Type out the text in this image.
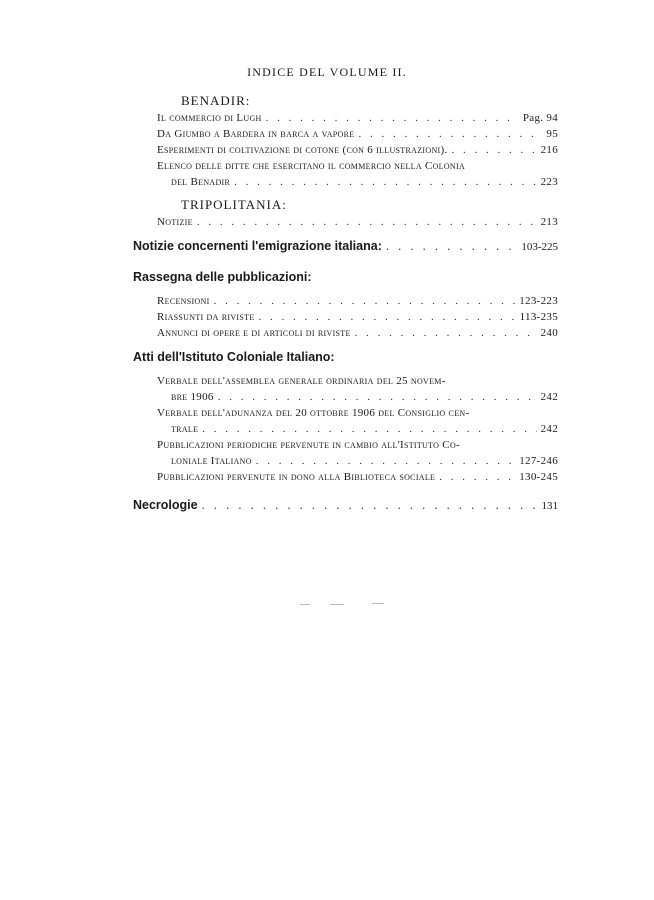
INDICE DEL VOLUME II.
BENADIR:
Il commercio di Lugh . . .	Pag. 94
Da Giumbo a Bardera in barca a vapore . . .	95
Esperimenti di coltivazione di cotone (con 6 illustrazioni). . . .	216
Elenco delle ditte che esercitano il commercio nella Colonia
del Benadir . . .	223
TRIPOLITANIA:
Notizie . . .	213
Notizie concernenti l'emigrazione italiana: . . .	103-225
Rassegna delle pubblicazioni:
Recensioni . . .	123-223
Riassunti da riviste . . .	113-235
Annunci di opere e di articoli di riviste . . .	240
Atti dell'Istituto Coloniale Italiano:
Verbale dell'assemblea generale ordinaria del 25 novem-
bre 1906 . . .	242
Verbale dell'adunanza del 20 ottobre 1906 del Consiglio cen-
trale . . .	242
Pubblicazioni periodiche pervenute in cambio all'Istituto Co-
loniale Italiano . . .	127-246
Pubblicazioni pervenute in dono alla Biblioteca sociale . . .	130-245
Necrologie . . .	131
